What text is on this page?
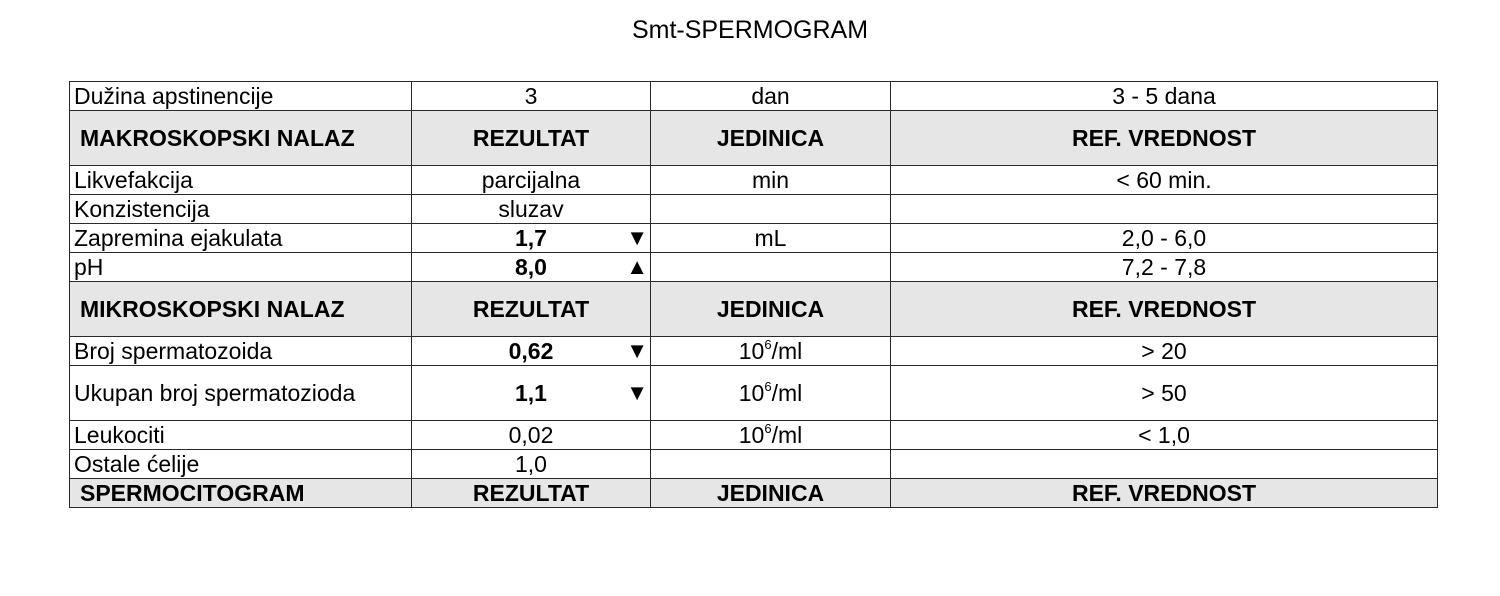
Smt-SPERMOGRAM
Dužina apstinencije	3	dan	3 - 5 dana
MAKROSKOPSKI NALAZ	REZULTAT	JEDINICA	REF. VREDNOST
Likvefakcija	parcijalna	min	< 60 min.
Konzistencija	sluzav		
Zapremina ejakulata	1,7 ▼	mL	2,0 - 6,0
pH	8,0 ▲		7,2 - 7,8
MIKROSKOPSKI NALAZ	REZULTAT	JEDINICA	REF. VREDNOST
Broj spermatozoida	0,62 ▼	$10^6/ml$	> 20
Ukupan broj spermatozioda	1,1 ▼	$10^6/ml$	> 50
Leukociti	0,02	$10^6/ml$	< 1,0
Ostale ćelije	1,0		
SPERMOCITOGRAM	REZULTAT	JEDINICA	REF. VREDNOST
